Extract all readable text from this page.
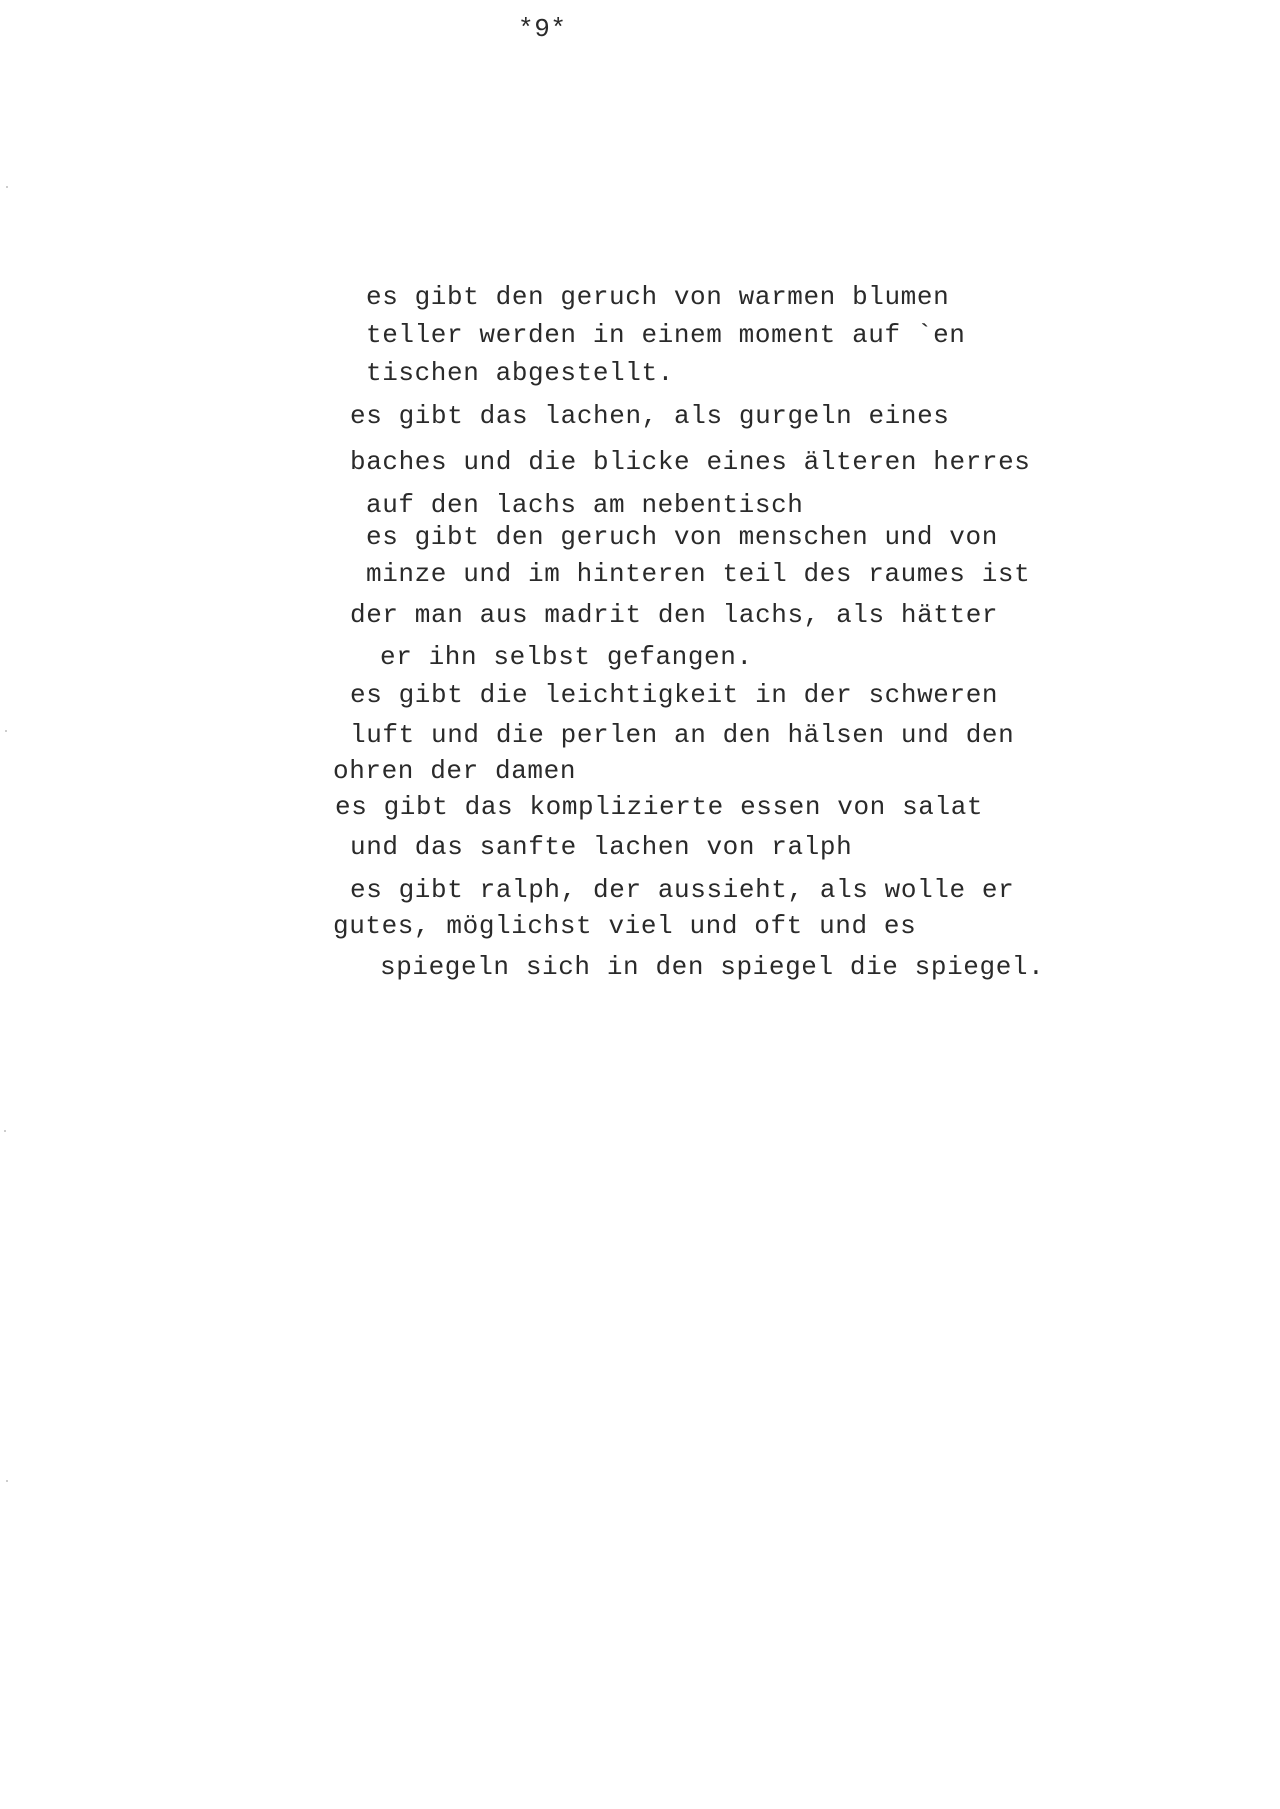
*9*
es gibt den geruch von warmen blumen
teller werden in einem moment auf `en
tischen abgestellt.
es gibt das lachen, als gurgeln eines
baches und die blicke eines älteren herres
auf den lachs am nebentisch
es gibt den geruch von menschen und von
minze und im hinteren teil des raumes ist
der man aus madrit den lachs, als hätter
er ihn selbst gefangen.
es gibt die leichtigkeit in der schweren
luft und die perlen an den hälsen und den
ohren der damen
es gibt das komplizierte essen von salat
und das sanfte lachen von ralph
es gibt ralph, der aussieht, als wolle er
gutes, möglichst viel und oft und es
spiegeln sich in den spiegel die spiegel.
